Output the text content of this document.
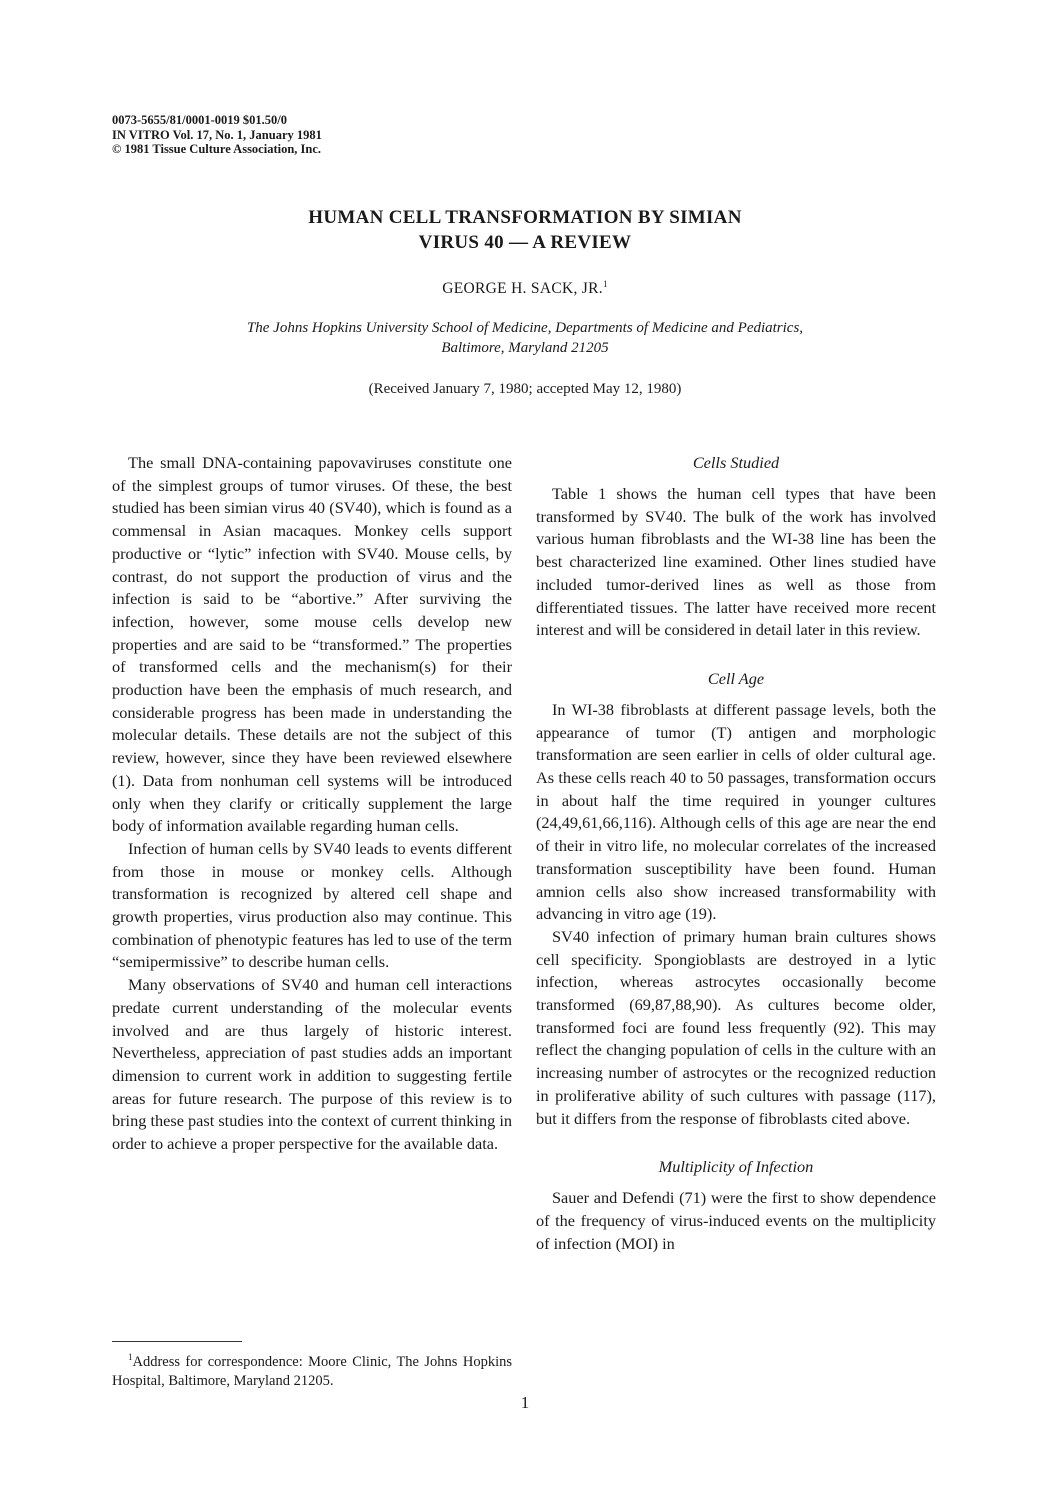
0073-5655/81/0001-0019 $01.50/0
IN VITRO Vol. 17, No. 1, January 1981
© 1981 Tissue Culture Association, Inc.
HUMAN CELL TRANSFORMATION BY SIMIAN
VIRUS 40 — A REVIEW
GEORGE H. SACK, JR.$^1$
The Johns Hopkins University School of Medicine, Departments of Medicine and Pediatrics,
Baltimore, Maryland 21205
(Received January 7, 1980; accepted May 12, 1980)

The small DNA-containing papovaviruses constitute one of the simplest groups of tumor viruses. Of these, the best studied has been simian virus 40 (SV40), which is found as a commensal in Asian macaques. Monkey cells support productive or “lytic” infection with SV40. Mouse cells, by contrast, do not support the production of virus and the infection is said to be “abortive.” After surviving the infection, however, some mouse cells develop new properties and are said to be “transformed.” The properties of transformed cells and the mechanism(s) for their production have been the emphasis of much research, and considerable progress has been made in understanding the molecular details. These details are not the subject of this review, however, since they have been reviewed elsewhere (1). Data from nonhuman cell systems will be introduced only when they clarify or critically supplement the large body of information available regarding human cells.

Infection of human cells by SV40 leads to events different from those in mouse or monkey cells. Although transformation is recognized by altered cell shape and growth properties, virus production also may continue. This combination of phenotypic features has led to use of the term “semipermissive” to describe human cells.

Many observations of SV40 and human cell interactions predate current understanding of the molecular events involved and are thus largely of historic interest. Nevertheless, appreciation of past studies adds an important dimension to current work in addition to suggesting fertile areas for future research. The purpose of this review is to bring these past studies into the context of current thinking in order to achieve a proper perspective for the available data.

Cells Studied

Table 1 shows the human cell types that have been transformed by SV40. The bulk of the work has involved various human fibroblasts and the WI-38 line has been the best characterized line examined. Other lines studied have included tumor-derived lines as well as those from differentiated tissues. The latter have received more recent interest and will be considered in detail later in this review.

Cell Age

In WI-38 fibroblasts at different passage levels, both the appearance of tumor (T) antigen and morphologic transformation are seen earlier in cells of older cultural age. As these cells reach 40 to 50 passages, transformation occurs in about half the time required in younger cultures (24,49,61,66,116). Although cells of this age are near the end of their in vitro life, no molecular correlates of the increased transformation susceptibility have been found. Human amnion cells also show increased transformability with advancing in vitro age (19).

SV40 infection of primary human brain cultures shows cell specificity. Spongioblasts are destroyed in a lytic infection, whereas astrocytes occasionally become transformed (69,87,88,90). As cultures become older, transformed foci are found less frequently (92). This may reflect the changing population of cells in the culture with an increasing number of astrocytes or the recognized reduction in proliferative ability of such cultures with passage (117), but it differs from the response of fibroblasts cited above.

Multiplicity of Infection

Sauer and Defendi (71) were the first to show dependence of the frequency of virus-induced events on the multiplicity of infection (MOI) in

$^1$Address for correspondence: Moore Clinic, The Johns Hopkins Hospital, Baltimore, Maryland 21205.
1
